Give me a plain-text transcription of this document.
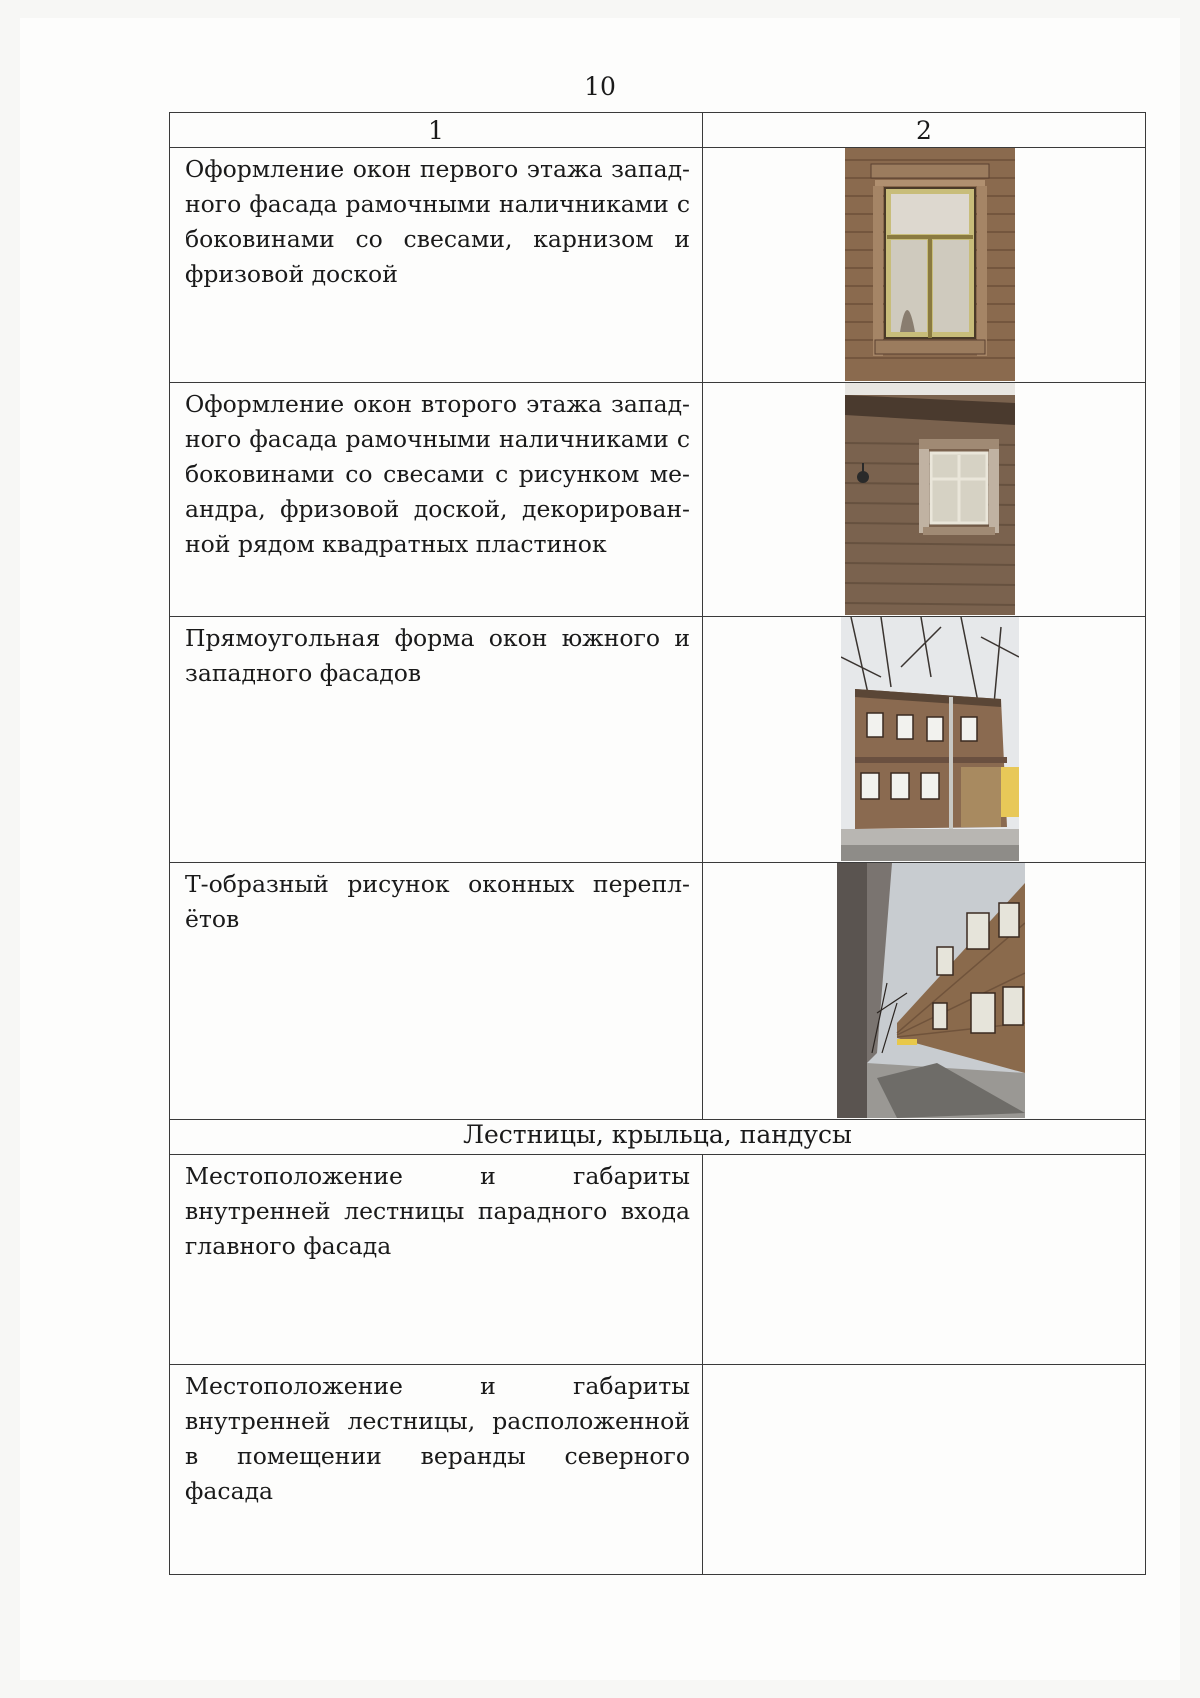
10
1	2

Оформление окон первого этажа западного фасада рамочными наличниками с боковинами со свесами, карнизом и фризовой доской

Оформление окон второго этажа западного фасада рамочными наличниками с боковинами со свесами с рисунком меандра, фризовой доской, декорированной рядом квадратных пластинок

Прямоугольная форма окон южного и западного фасадов

Т-образный рисунок оконных переплётов

Лестницы, крыльца, пандусы	

Местоположение и габариты внутренней лестницы парадного входа главного фасада	

Местоположение и габариты внутренней лестницы, расположенной в помещении веранды северного фасада	
